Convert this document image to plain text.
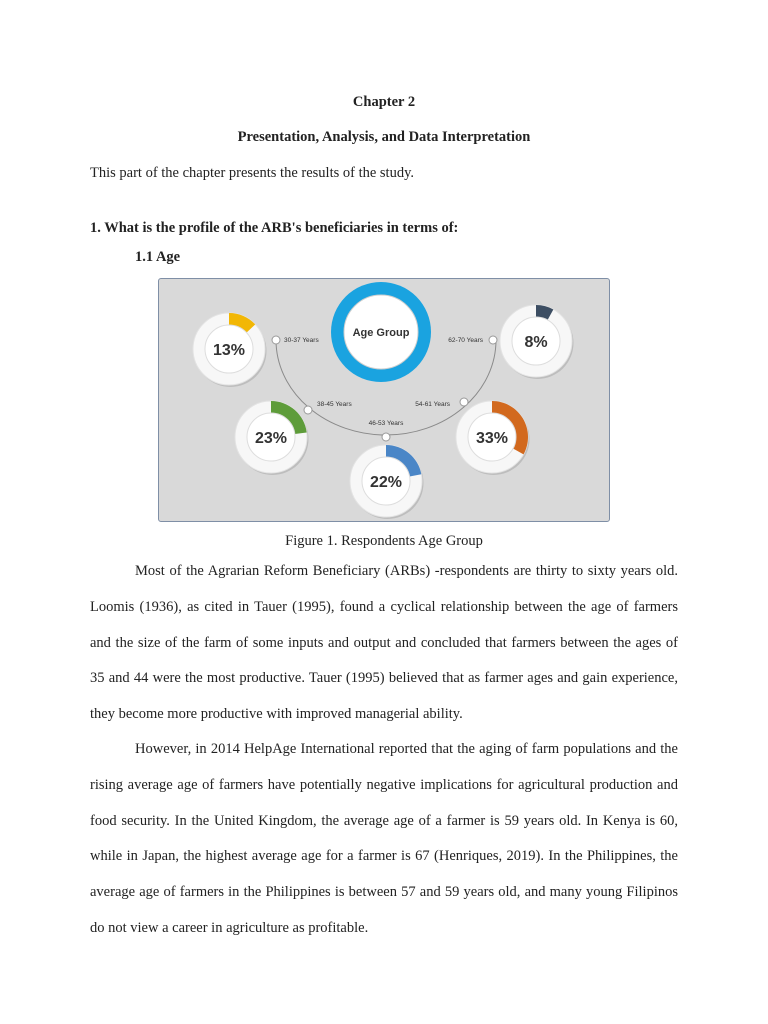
Chapter 2
Presentation, Analysis, and Data Interpretation
This part of the chapter presents the results of the study.
1. What is the profile of the ARB's beneficiaries in terms of:
1.1 Age
Age Group
13%
30-37 Years
23%
38-45 Years
22%
46-53 Years
33%
54-61 Years
8%
62-70 Years
Figure 1. Respondents Age Group

Most of the Agrarian Reform Beneficiary (ARBs) -respondents are thirty to sixty years old. Loomis (1936), as cited in Tauer (1995), found a cyclical relationship between the age of farmers and the size of the farm of some inputs and output and concluded that farmers between the ages of 35 and 44 were the most productive. Tauer (1995) believed that as farmer ages and gain experience, they become more productive with improved managerial ability.

However, in 2014 HelpAge International reported that the aging of farm populations and the rising average age of farmers have potentially negative implications for agricultural production and food security. In the United Kingdom, the average age of a farmer is 59 years old. In Kenya is 60, while in Japan, the highest average age for a farmer is 67 (Henriques, 2019). In the Philippines, the average age of farmers in the Philippines is between 57 and 59 years old, and many young Filipinos do not view a career in agriculture as profitable.
